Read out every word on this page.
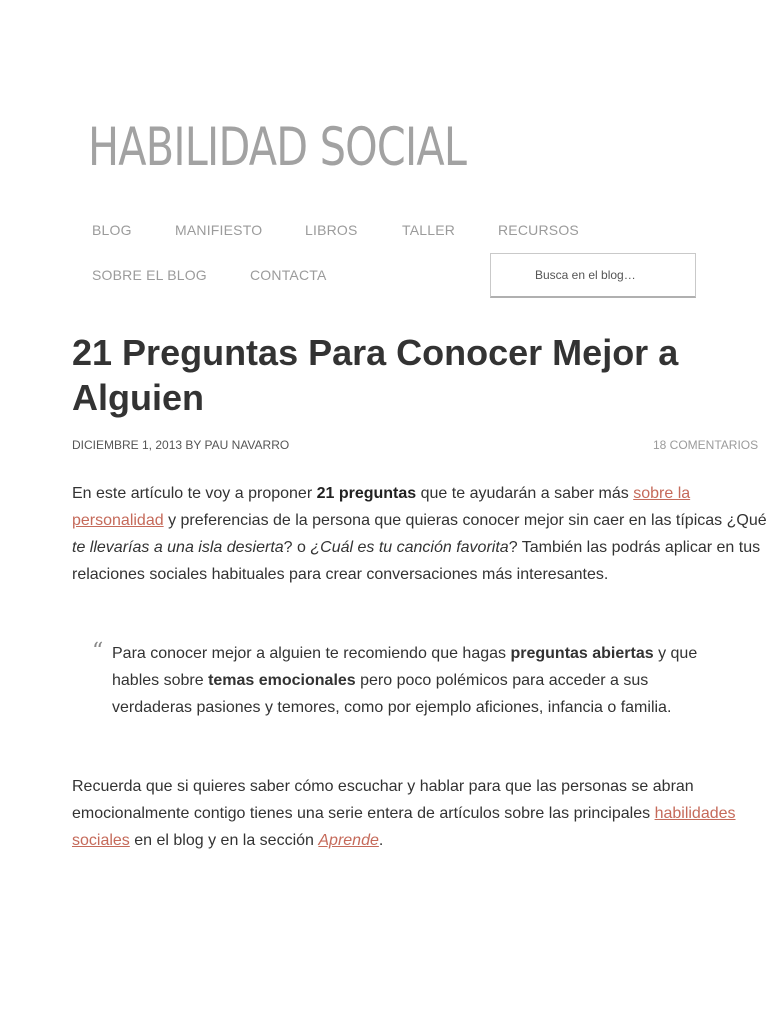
HABILIDAD SOCIAL
BLOG	MANIFIESTO	LIBROS	TALLER	RECURSOS
SOBRE EL BLOG	CONTACTA
Busca en el blog…
21 Preguntas Para Conocer Mejor a Alguien
DICIEMBRE 1, 2013 BY PAU NAVARRO	18 COMENTARIOS
En este artículo te voy a proponer 21 preguntas que te ayudarán a saber más sobre la
personalidad y preferencias de la persona que quieras conocer mejor sin caer en las típicas ¿Qué
te llevarías a una isla desierta? o ¿Cuál es tu canción favorita? También las podrás aplicar en tus
relaciones sociales habituales para crear conversaciones más interesantes.
“ Para conocer mejor a alguien te recomiendo que hagas preguntas abiertas y que
hables sobre temas emocionales pero poco polémicos para acceder a sus
verdaderas pasiones y temores, como por ejemplo aficiones, infancia o familia.
Recuerda que si quieres saber cómo escuchar y hablar para que las personas se abran
emocionalmente contigo tienes una serie entera de artículos sobre las principales habilidades
sociales en el blog y en la sección Aprende.
